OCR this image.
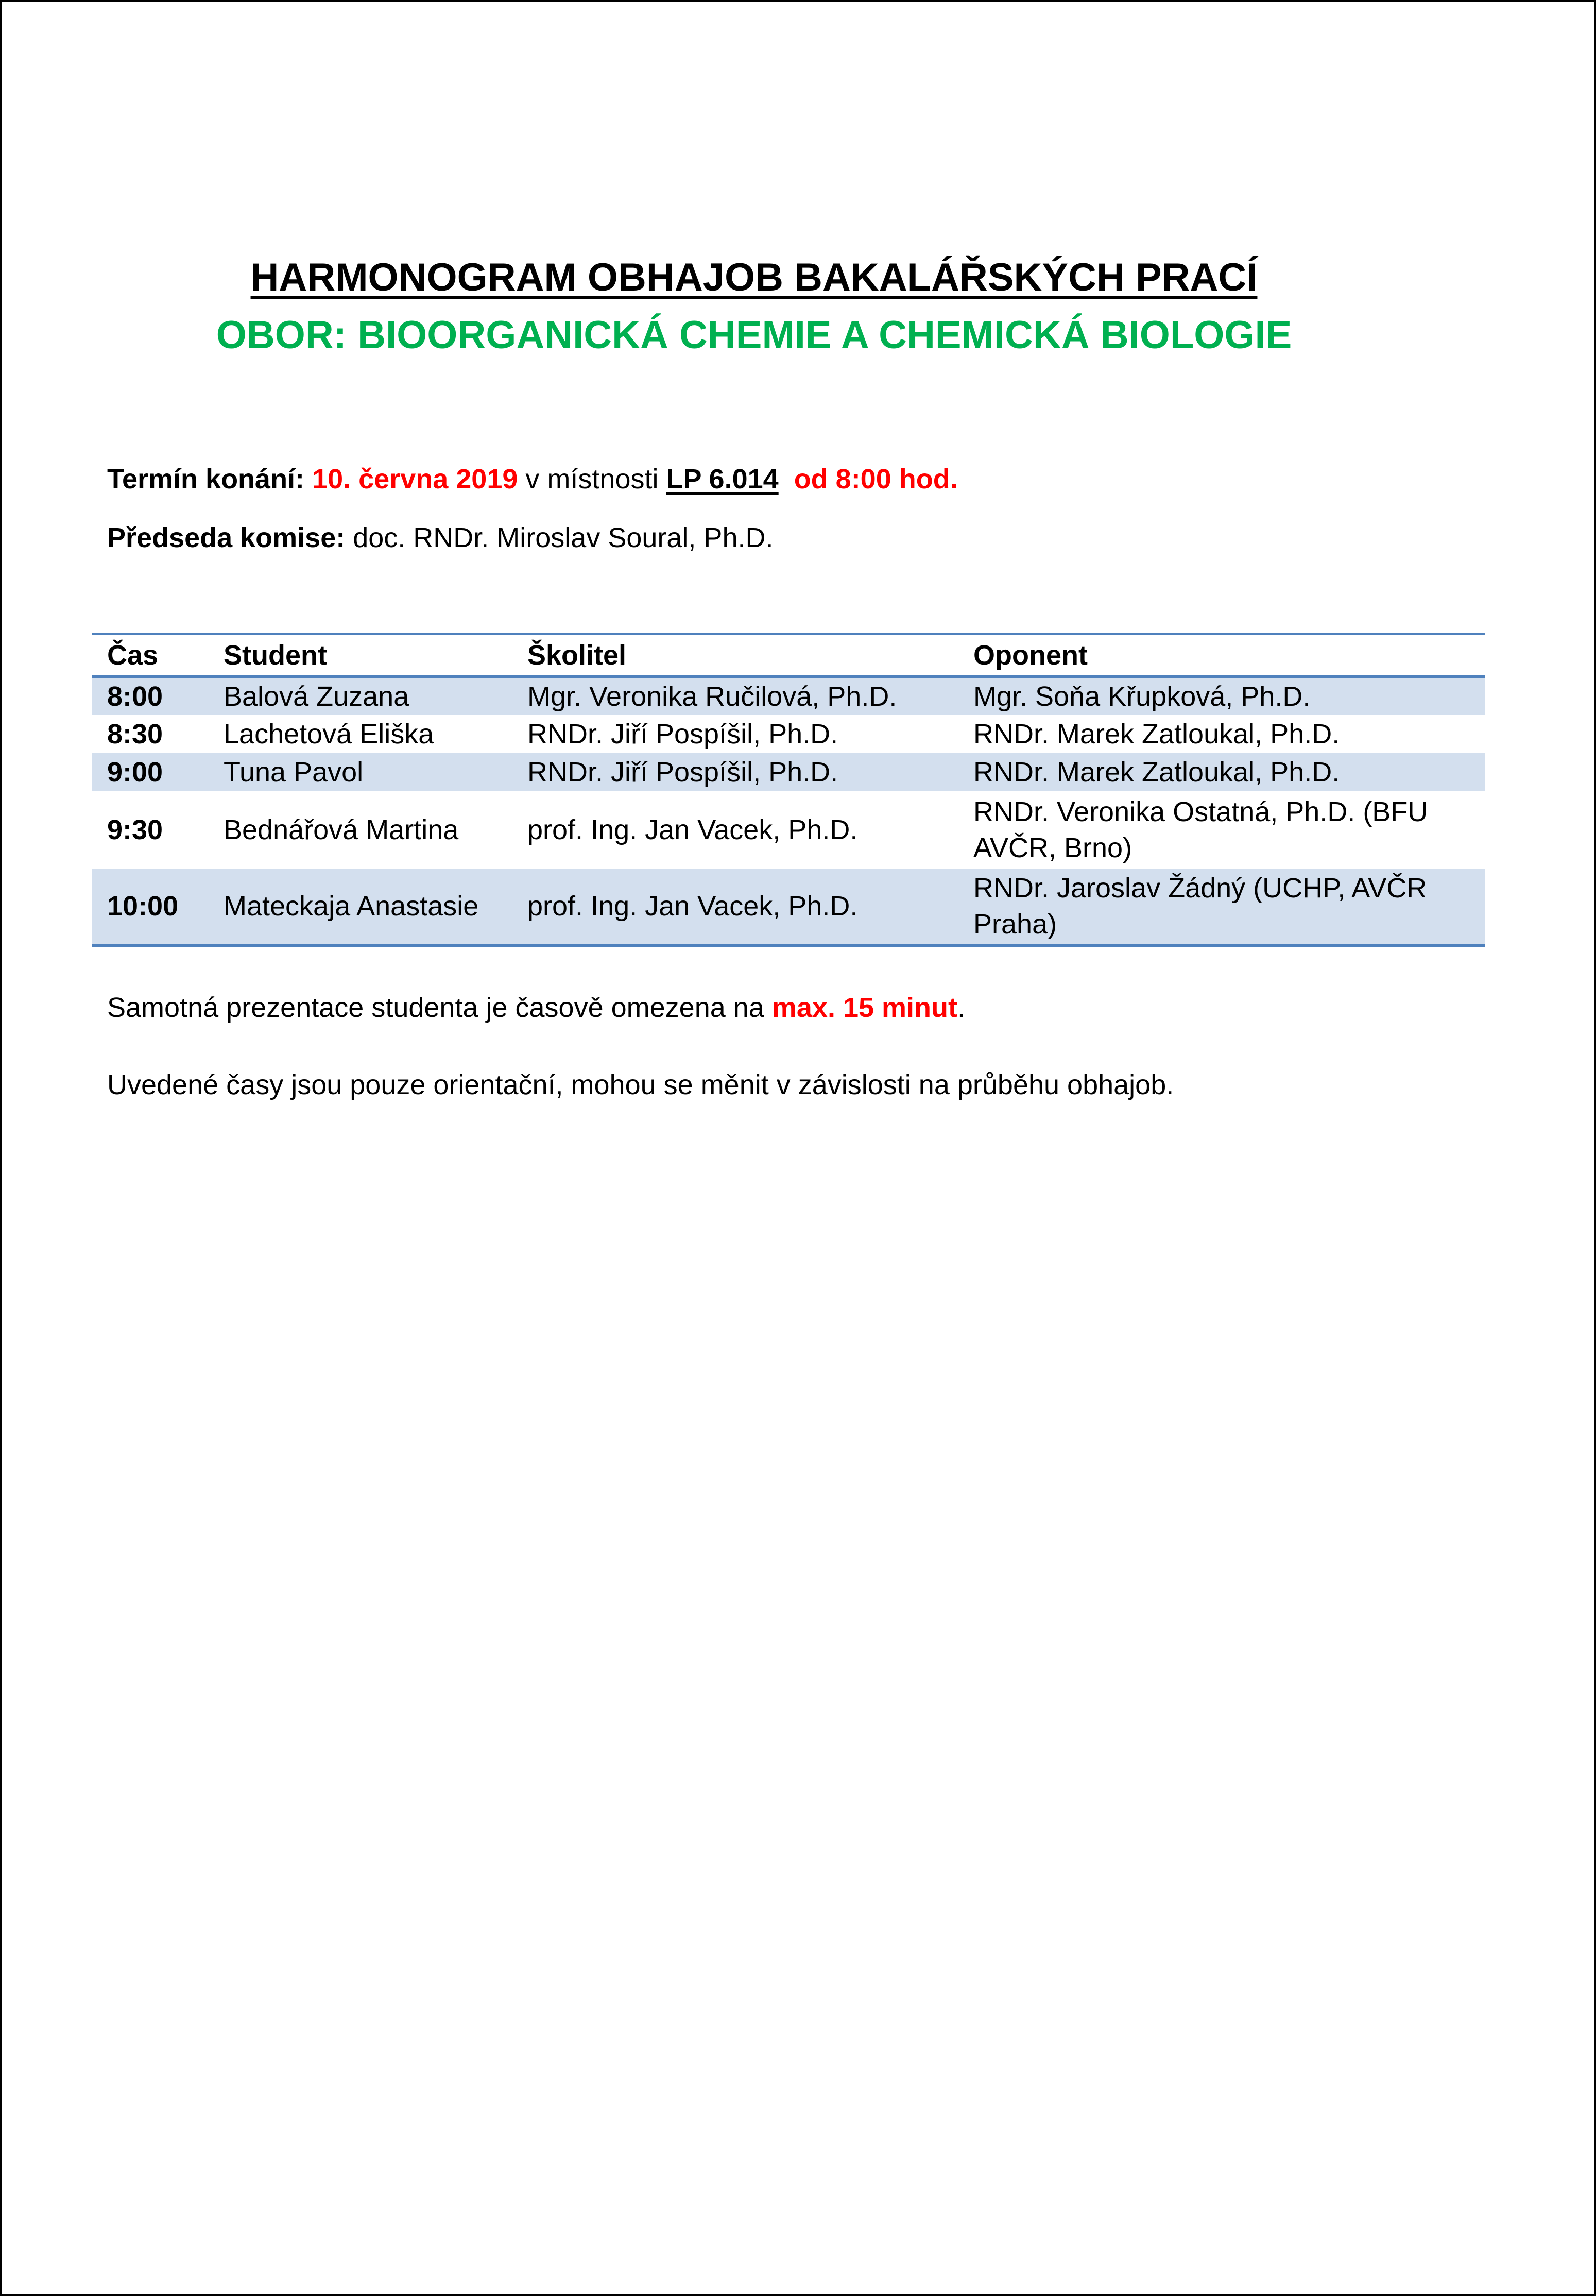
HARMONOGRAM OBHAJOB BAKALÁŘSKÝCH PRACÍ
OBOR: BIOORGANICKÁ CHEMIE A CHEMICKÁ BIOLOGIE
Termín konání: 10. června 2019 v místnosti LP 6.014 od 8:00 hod.
Předseda komise: doc. RNDr. Miroslav Soural, Ph.D.
Čas	Student	Školitel	Oponent
8:00	Balová Zuzana	Mgr. Veronika Ručilová, Ph.D.	Mgr. Soňa Křupková, Ph.D.
8:30	Lachetová Eliška	RNDr. Jiří Pospíšil, Ph.D.	RNDr. Marek Zatloukal, Ph.D.
9:00	Tuna Pavol	RNDr. Jiří Pospíšil, Ph.D.	RNDr. Marek Zatloukal, Ph.D.
9:30	Bednářová Martina	prof. Ing. Jan Vacek, Ph.D.	RNDr. Veronika Ostatná, Ph.D. (BFU
AVČR, Brno)

10:00	Mateckaja Anastasie	prof. Ing. Jan Vacek, Ph.D.	RNDr. Jaroslav Žádný (UCHP, AVČR
Praha)
Samotná prezentace studenta je časově omezena na max. 15 minut.
Uvedené časy jsou pouze orientační, mohou se měnit v závislosti na průběhu obhajob.
